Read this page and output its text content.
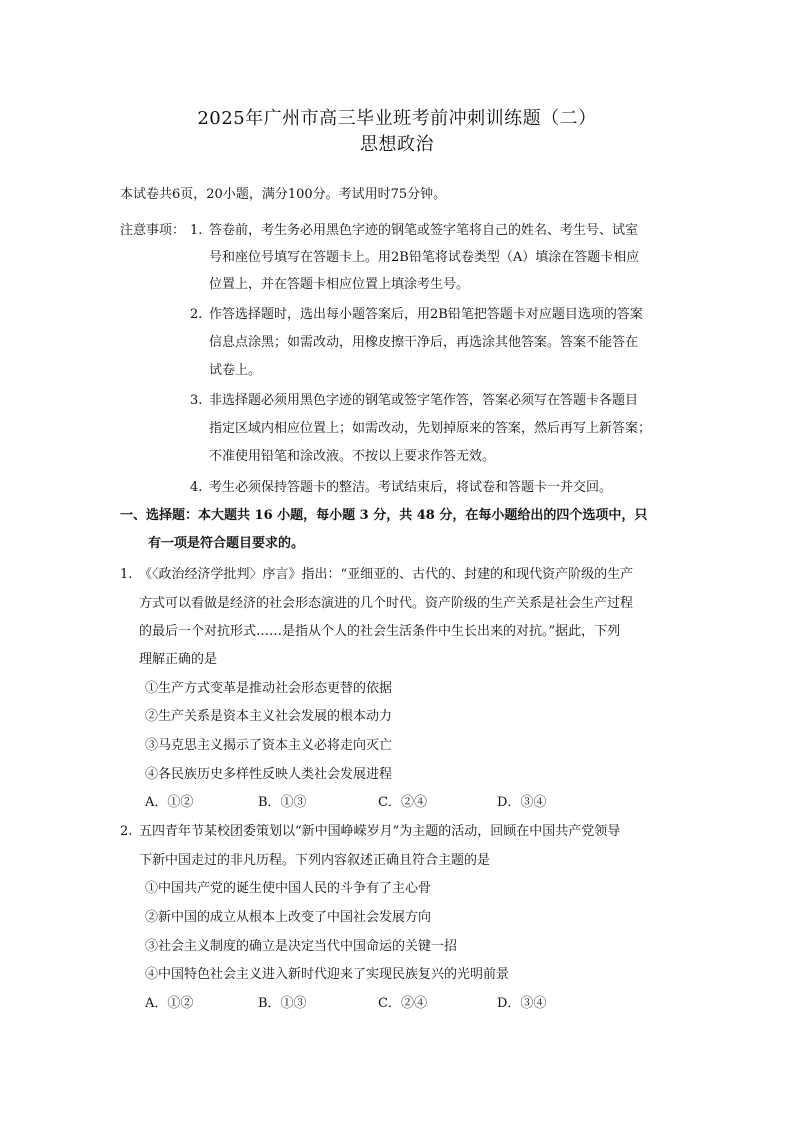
2025年广州市高三毕业班考前冲刺训练题（二）
思想政治
本试卷共6页，20小题，满分100分。考试用时75分钟。
注意事项： 1. 答卷前，考生务必用黑色字迹的钢笔或签字笔将自己的姓名、考生号、试室
号和座位号填写在答题卡上。用2B铅笔将试卷类型（A）填涂在答题卡相应
位置上，并在答题卡相应位置上填涂考生号。
2. 作答选择题时，选出每小题答案后，用2B铅笔把答题卡对应题目选项的答案
信息点涂黑；如需改动，用橡皮擦干净后，再选涂其他答案。答案不能答在
试卷上。
3. 非选择题必须用黑色字迹的钢笔或签字笔作答，答案必须写在答题卡各题目
指定区域内相应位置上；如需改动，先划掉原来的答案，然后再写上新答案；
不准使用铅笔和涂改液。不按以上要求作答无效。
4. 考生必须保持答题卡的整洁。考试结束后，将试卷和答题卡一并交回。
一、选择题：本大题共 16 小题，每小题 3 分，共 48 分，在每小题给出的四个选项中，只
有一项是符合题目要求的。
1. 《〈政治经济学批判〉序言》指出：“亚细亚的、古代的、封建的和现代资产阶级的生产
方式可以看做是经济的社会形态演进的几个时代。资产阶级的生产关系是社会生产过程
的最后一个对抗形式……是指从个人的社会生活条件中生长出来的对抗。”据此，下列
理解正确的是
①生产方式变革是推动社会形态更替的依据
②生产关系是资本主义社会发展的根本动力
③马克思主义揭示了资本主义必将走向灭亡
④各民族历史多样性反映人类社会发展进程
A．①②	B．①③	C．②④	D．③④
2. 五四青年节某校团委策划以“新中国峥嵘岁月”为主题的活动，回顾在中国共产党领导
下新中国走过的非凡历程。下列内容叙述正确且符合主题的是
①中国共产党的诞生使中国人民的斗争有了主心骨
②新中国的成立从根本上改变了中国社会发展方向
③社会主义制度的确立是决定当代中国命运的关键一招
④中国特色社会主义进入新时代迎来了实现民族复兴的光明前景
A．①②	B．①③	C．②④	D．③④
